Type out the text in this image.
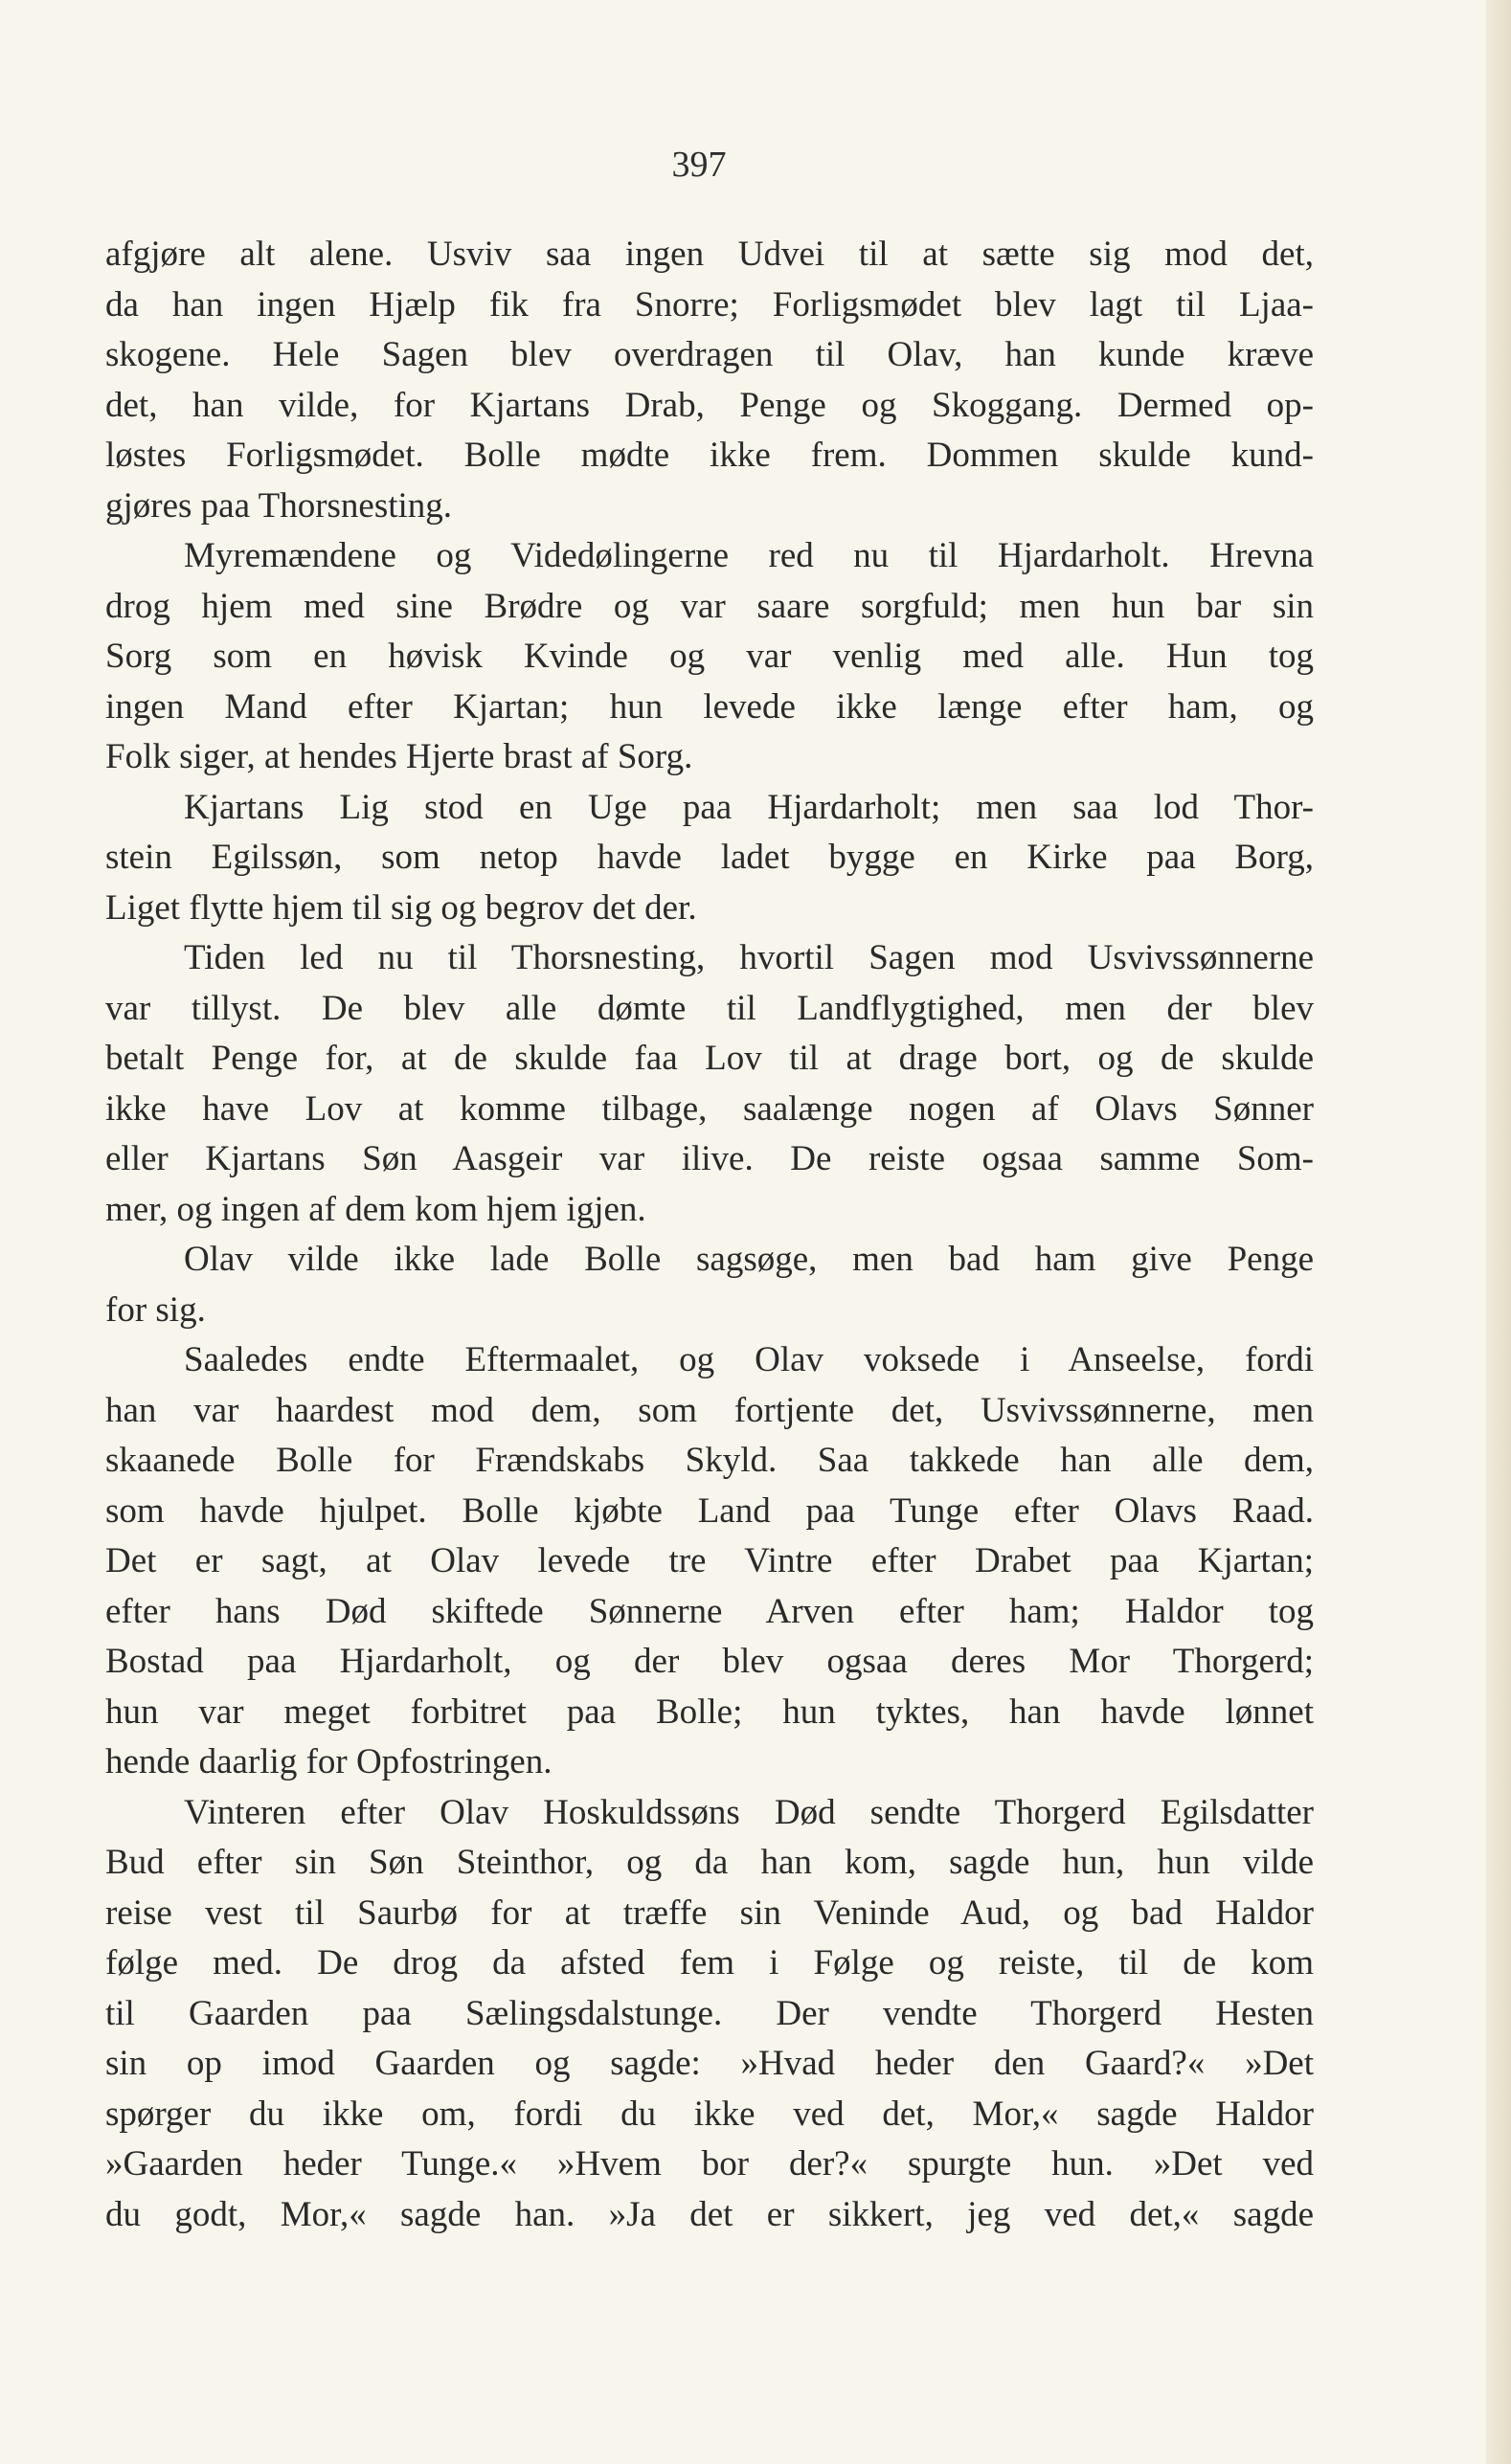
397
afgjøre alt alene. Usviv saa ingen Udvei til at sætte sig mod det,
da han ingen Hjælp fik fra Snorre; Forligsmødet blev lagt til Ljaa-
skogene. Hele Sagen blev overdragen til Olav, han kunde kræve
det, han vilde, for Kjartans Drab, Penge og Skoggang. Dermed op-
løstes Forligsmødet. Bolle mødte ikke frem. Dommen skulde kund-
gjøres paa Thorsnesting.
Myremændene og Videdølingerne red nu til Hjardarholt. Hrevna
drog hjem med sine Brødre og var saare sorgfuld; men hun bar sin
Sorg som en høvisk Kvinde og var venlig med alle. Hun tog
ingen Mand efter Kjartan; hun levede ikke længe efter ham, og
Folk siger, at hendes Hjerte brast af Sorg.
Kjartans Lig stod en Uge paa Hjardarholt; men saa lod Thor-
stein Egilssøn, som netop havde ladet bygge en Kirke paa Borg,
Liget flytte hjem til sig og begrov det der.
Tiden led nu til Thorsnesting, hvortil Sagen mod Usvivssønnerne
var tillyst. De blev alle dømte til Landflygtighed, men der blev
betalt Penge for, at de skulde faa Lov til at drage bort, og de skulde
ikke have Lov at komme tilbage, saalænge nogen af Olavs Sønner
eller Kjartans Søn Aasgeir var ilive. De reiste ogsaa samme Som-
mer, og ingen af dem kom hjem igjen.
Olav vilde ikke lade Bolle sagsøge, men bad ham give Penge
for sig.
Saaledes endte Eftermaalet, og Olav voksede i Anseelse, fordi
han var haardest mod dem, som fortjente det, Usvivssønnerne, men
skaanede Bolle for Frændskabs Skyld. Saa takkede han alle dem,
som havde hjulpet. Bolle kjøbte Land paa Tunge efter Olavs Raad.
Det er sagt, at Olav levede tre Vintre efter Drabet paa Kjartan;
efter hans Død skiftede Sønnerne Arven efter ham; Haldor tog
Bostad paa Hjardarholt, og der blev ogsaa deres Mor Thorgerd;
hun var meget forbitret paa Bolle; hun tyktes, han havde lønnet
hende daarlig for Opfostringen.
Vinteren efter Olav Hoskuldssøns Død sendte Thorgerd Egilsdatter
Bud efter sin Søn Steinthor, og da han kom, sagde hun, hun vilde
reise vest til Saurbø for at træffe sin Veninde Aud, og bad Haldor
følge med. De drog da afsted fem i Følge og reiste, til de kom
til Gaarden paa Sælingsdalstunge. Der vendte Thorgerd Hesten
sin op imod Gaarden og sagde: »Hvad heder den Gaard?« »Det
spørger du ikke om, fordi du ikke ved det, Mor,« sagde Haldor
»Gaarden heder Tunge.« »Hvem bor der?« spurgte hun. »Det ved
du godt, Mor,« sagde han. »Ja det er sikkert, jeg ved det,« sagde
